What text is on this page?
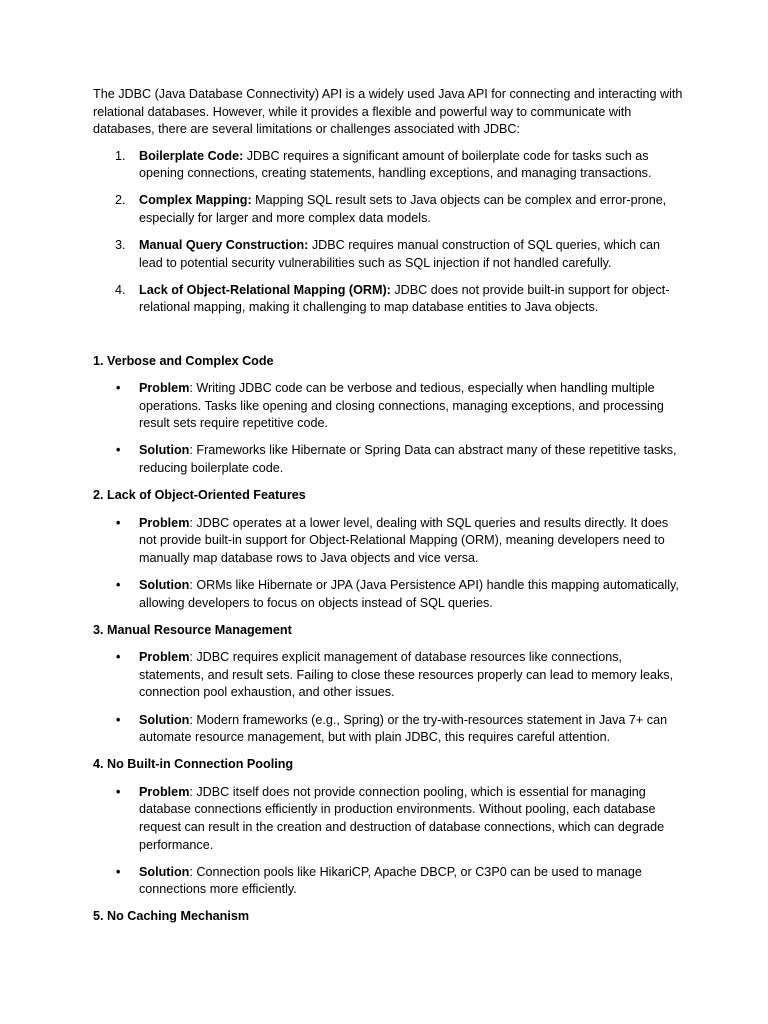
The JDBC (Java Database Connectivity) API is a widely used Java API for connecting and interacting with relational databases. However, while it provides a flexible and powerful way to communicate with databases, there are several limitations or challenges associated with JDBC:

1. Boilerplate Code: JDBC requires a significant amount of boilerplate code for tasks such as opening connections, creating statements, handling exceptions, and managing transactions.
2. Complex Mapping: Mapping SQL result sets to Java objects can be complex and error-prone, especially for larger and more complex data models.
3. Manual Query Construction: JDBC requires manual construction of SQL queries, which can lead to potential security vulnerabilities such as SQL injection if not handled carefully.
4. Lack of Object-Relational Mapping (ORM): JDBC does not provide built-in support for object-relational mapping, making it challenging to map database entities to Java objects.
1. Verbose and Complex Code
• Problem: Writing JDBC code can be verbose and tedious, especially when handling multiple operations. Tasks like opening and closing connections, managing exceptions, and processing result sets require repetitive code.
• Solution: Frameworks like Hibernate or Spring Data can abstract many of these repetitive tasks, reducing boilerplate code.
2. Lack of Object-Oriented Features
• Problem: JDBC operates at a lower level, dealing with SQL queries and results directly. It does not provide built-in support for Object-Relational Mapping (ORM), meaning developers need to manually map database rows to Java objects and vice versa.
• Solution: ORMs like Hibernate or JPA (Java Persistence API) handle this mapping automatically, allowing developers to focus on objects instead of SQL queries.
3. Manual Resource Management
• Problem: JDBC requires explicit management of database resources like connections, statements, and result sets. Failing to close these resources properly can lead to memory leaks, connection pool exhaustion, and other issues.
• Solution: Modern frameworks (e.g., Spring) or the try-with-resources statement in Java 7+ can automate resource management, but with plain JDBC, this requires careful attention.
4. No Built-in Connection Pooling
• Problem: JDBC itself does not provide connection pooling, which is essential for managing database connections efficiently in production environments. Without pooling, each database request can result in the creation and destruction of database connections, which can degrade performance.
• Solution: Connection pools like HikariCP, Apache DBCP, or C3P0 can be used to manage connections more efficiently.
5. No Caching Mechanism
